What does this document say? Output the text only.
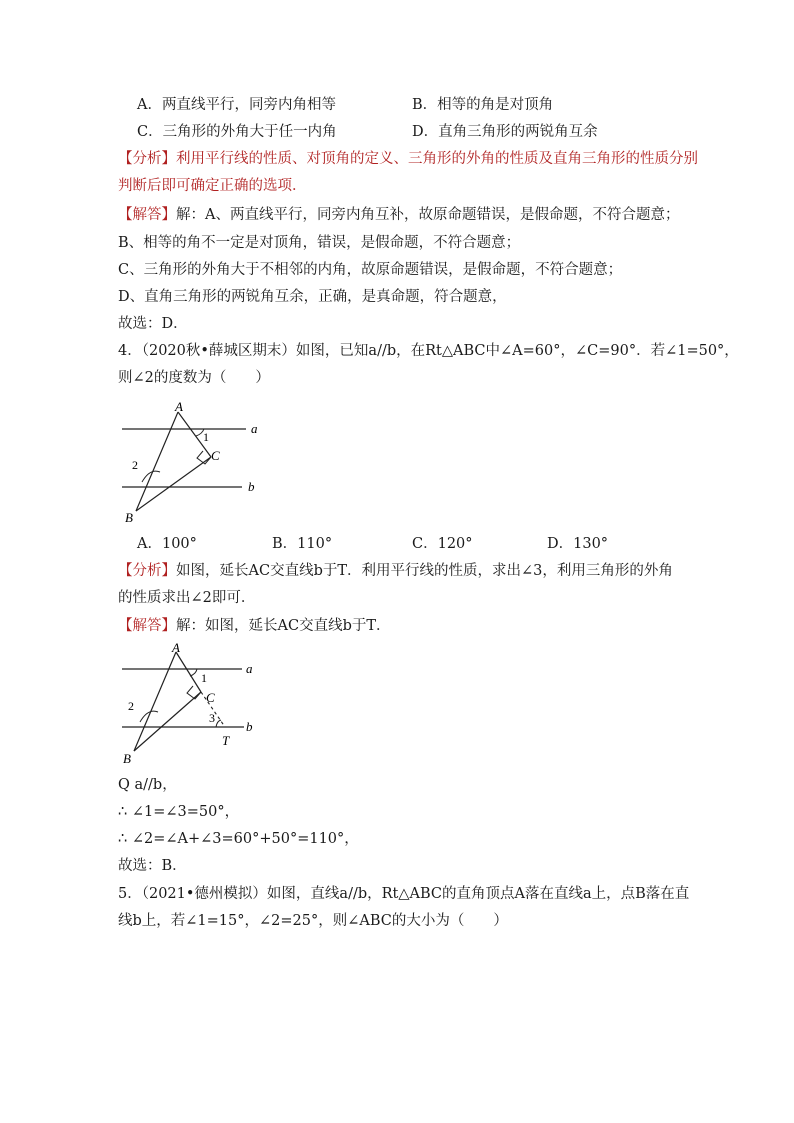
A．两直线平行，同旁内角相等	B．相等的角是对顶角
C．三角形的外角大于任一内角	D．直角三角形的两锐角互余
【分析】利用平行线的性质、对顶角的定义、三角形的外角的性质及直角三角形的性质分别
判断后即可确定正确的选项．
【解答】解：A、两直线平行，同旁内角互补，故原命题错误，是假命题，不符合题意；
B、相等的角不一定是对顶角，错误，是假命题，不符合题意；
C、三角形的外角大于不相邻的内角，故原命题错误，是假命题，不符合题意；
D、直角三角形的两锐角互余，正确，是真命题，符合题意，
故选：D．
4．（2020秋•薛城区期末）如图，已知a//b，在Rt△ABC中∠A=60°，∠C=90°．若∠1=50°，
则∠2的度数为（　　）
A
B
C
a
b
1
2
A．100°	B．110°	C．120°	D．130°
【分析】如图，延长AC交直线b于T．利用平行线的性质，求出∠3，利用三角形的外角
的性质求出∠2即可．
【解答】解：如图，延长AC交直线b于T．
A
B
C
T
a
b
1
2
3
Q a//b，
∴ ∠1=∠3=50°，
∴ ∠2=∠A+∠3=60°+50°=110°，
故选：B．
5．（2021•德州模拟）如图，直线a//b，Rt△ABC的直角顶点A落在直线a上，点B落在直
线b上，若∠1=15°，∠2=25°，则∠ABC的大小为（　　）
